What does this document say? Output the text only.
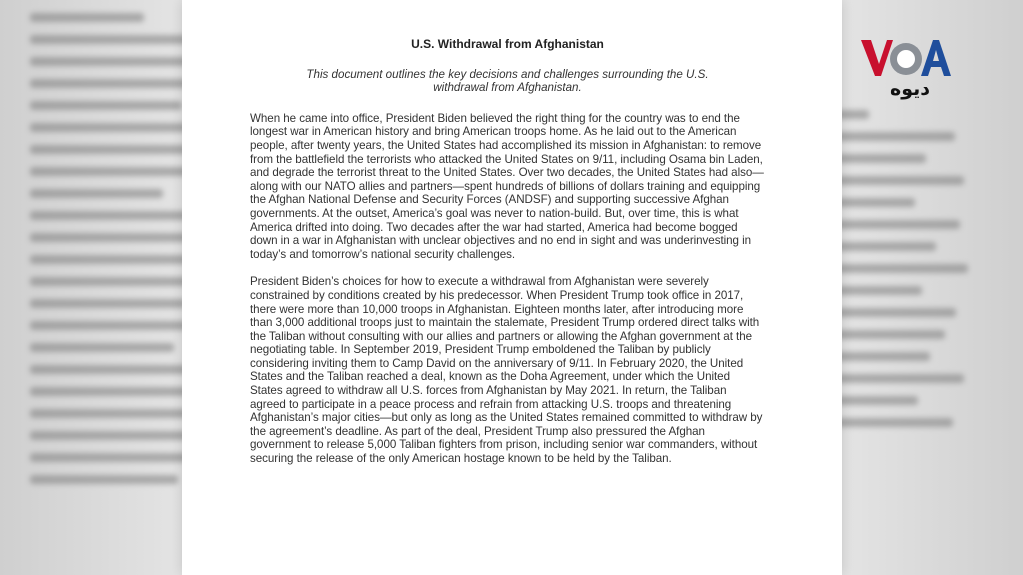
U.S. Withdrawal from Afghanistan
This document outlines the key decisions and challenges surrounding the U.S. withdrawal from Afghanistan.

When he came into office, President Biden believed the right thing for the country was to end the longest war in American history and bring American troops home. As he laid out to the American people, after twenty years, the United States had accomplished its mission in Afghanistan: to remove from the battlefield the terrorists who attacked the United States on 9/11, including Osama bin Laden, and degrade the terrorist threat to the United States. Over two decades, the United States had also—along with our NATO allies and partners—spent hundreds of billions of dollars training and equipping the Afghan National Defense and Security Forces (ANDSF) and supporting successive Afghan governments. At the outset, America’s goal was never to nation-build. But, over time, this is what America drifted into doing. Two decades after the war had started, America had become bogged down in a war in Afghanistan with unclear objectives and no end in sight and was underinvesting in today’s and tomorrow’s national security challenges.

President Biden’s choices for how to execute a withdrawal from Afghanistan were severely constrained by conditions created by his predecessor. When President Trump took office in 2017, there were more than 10,000 troops in Afghanistan. Eighteen months later, after introducing more than 3,000 additional troops just to maintain the stalemate, President Trump ordered direct talks with the Taliban without consulting with our allies and partners or allowing the Afghan government at the negotiating table. In September 2019, President Trump emboldened the Taliban by publicly considering inviting them to Camp David on the anniversary of 9/11. In February 2020, the United States and the Taliban reached a deal, known as the Doha Agreement, under which the United States agreed to withdraw all U.S. forces from Afghanistan by May 2021. In return, the Taliban agreed to participate in a peace process and refrain from attacking U.S. troops and threatening Afghanistan’s major cities—but only as long as the United States remained committed to withdraw by the agreement’s deadline. As part of the deal, President Trump also pressured the Afghan government to release 5,000 Taliban fighters from prison, including senior war commanders, without securing the release of the only American hostage known to be held by the Taliban.

دیوه
